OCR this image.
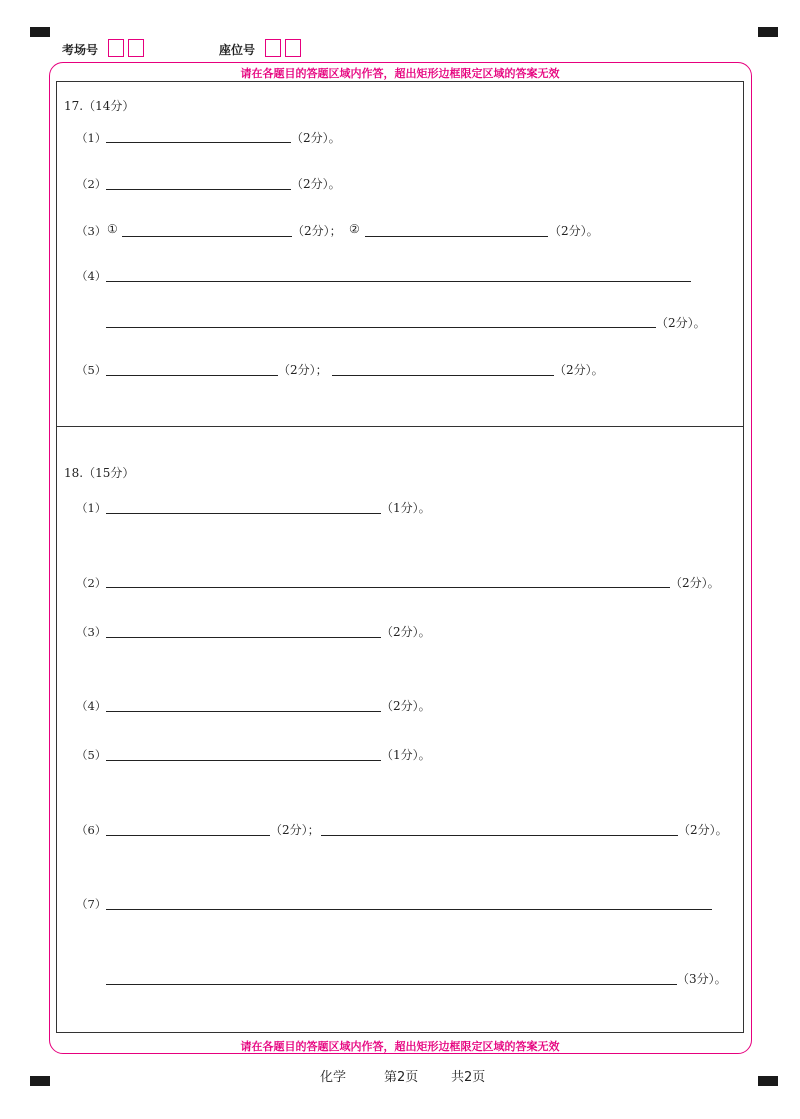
考场号	座位号
请在各题目的答题区域内作答，超出矩形边框限定区域的答案无效
请在各题目的答题区域内作答，超出矩形边框限定区域的答案无效
17.（14分）
（1）	（2分）。
（2）	（2分）。
（3） ①	（2分）； ②	（2分）。
（4）
（2分）。
（5）	（2分）；	（2分）。
18.（15分）
（1）	（1分）。
（2）	（2分）。
（3）	（2分）。
（4）	（2分）。
（5）	（1分）。
（6）	（2分）；	（2分）。
（7）
（3分）。
化学	第2页	共2页
